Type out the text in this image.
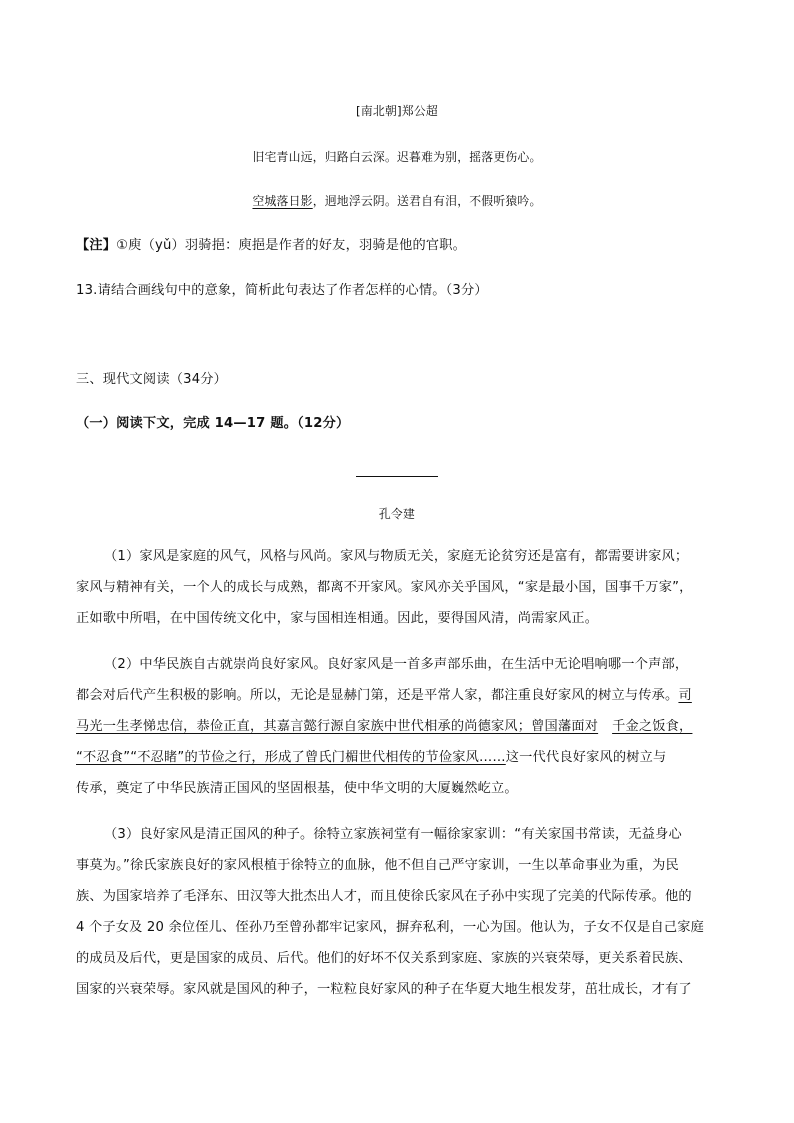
[南北朝]郑公超
旧宅青山远，归路白云深。迟暮难为别，摇落更伤心。
空城落日影，迥地浮云阴。送君自有泪，不假听猿吟。
【注】①庾（yǔ）羽骑挹：庾挹是作者的好友，羽骑是他的官职。
13.请结合画线句中的意象，简析此句表达了作者怎样的心情。（3分）
三、现代文阅读（34分）
（一）阅读下文，完成 14—17 题。（12分）
孔令建
（1）家风是家庭的风气，风格与风尚。家风与物质无关，家庭无论贫穷还是富有，都需要讲家风；
家风与精神有关，一个人的成长与成熟，都离不开家风。家风亦关乎国风，“家是最小国，国事千万家”，
正如歌中所唱，在中国传统文化中，家与国相连相通。因此，要得国风清，尚需家风正。
（2）中华民族自古就崇尚良好家风。良好家风是一首多声部乐曲，在生活中无论唱响哪一个声部，
都会对后代产生积极的影响。所以，无论是显赫门第，还是平常人家，都注重良好家风的树立与传承。司
马光一生孝悌忠信，恭俭正直，其嘉言懿行源自家族中世代相承的尚德家风；曾国藩面对 千金之饭食，
“不忍食”“不忍睹”的节俭之行，形成了曾氏门楣世代相传的节俭家风……这一代代良好家风的树立与
传承，奠定了中华民族清正国风的坚固根基，使中华文明的大厦巍然屹立。
（3）良好家风是清正国风的种子。徐特立家族祠堂有一幅徐家家训：“有关家国书常读，无益身心
事莫为。”徐氏家族良好的家风根植于徐特立的血脉，他不但自己严守家训，一生以革命事业为重，为民
族、为国家培养了毛泽东、田汉等大批杰出人才，而且使徐氏家风在子孙中实现了完美的代际传承。他的
4 个子女及 20 余位侄儿、侄孙乃至曾孙都牢记家风，摒弃私利，一心为国。他认为，子女不仅是自己家庭
的成员及后代，更是国家的成员、后代。他们的好坏不仅关系到家庭、家族的兴衰荣辱，更关系着民族、
国家的兴衰荣辱。家风就是国风的种子，一粒粒良好家风的种子在华夏大地生根发芽，茁壮成长，才有了
